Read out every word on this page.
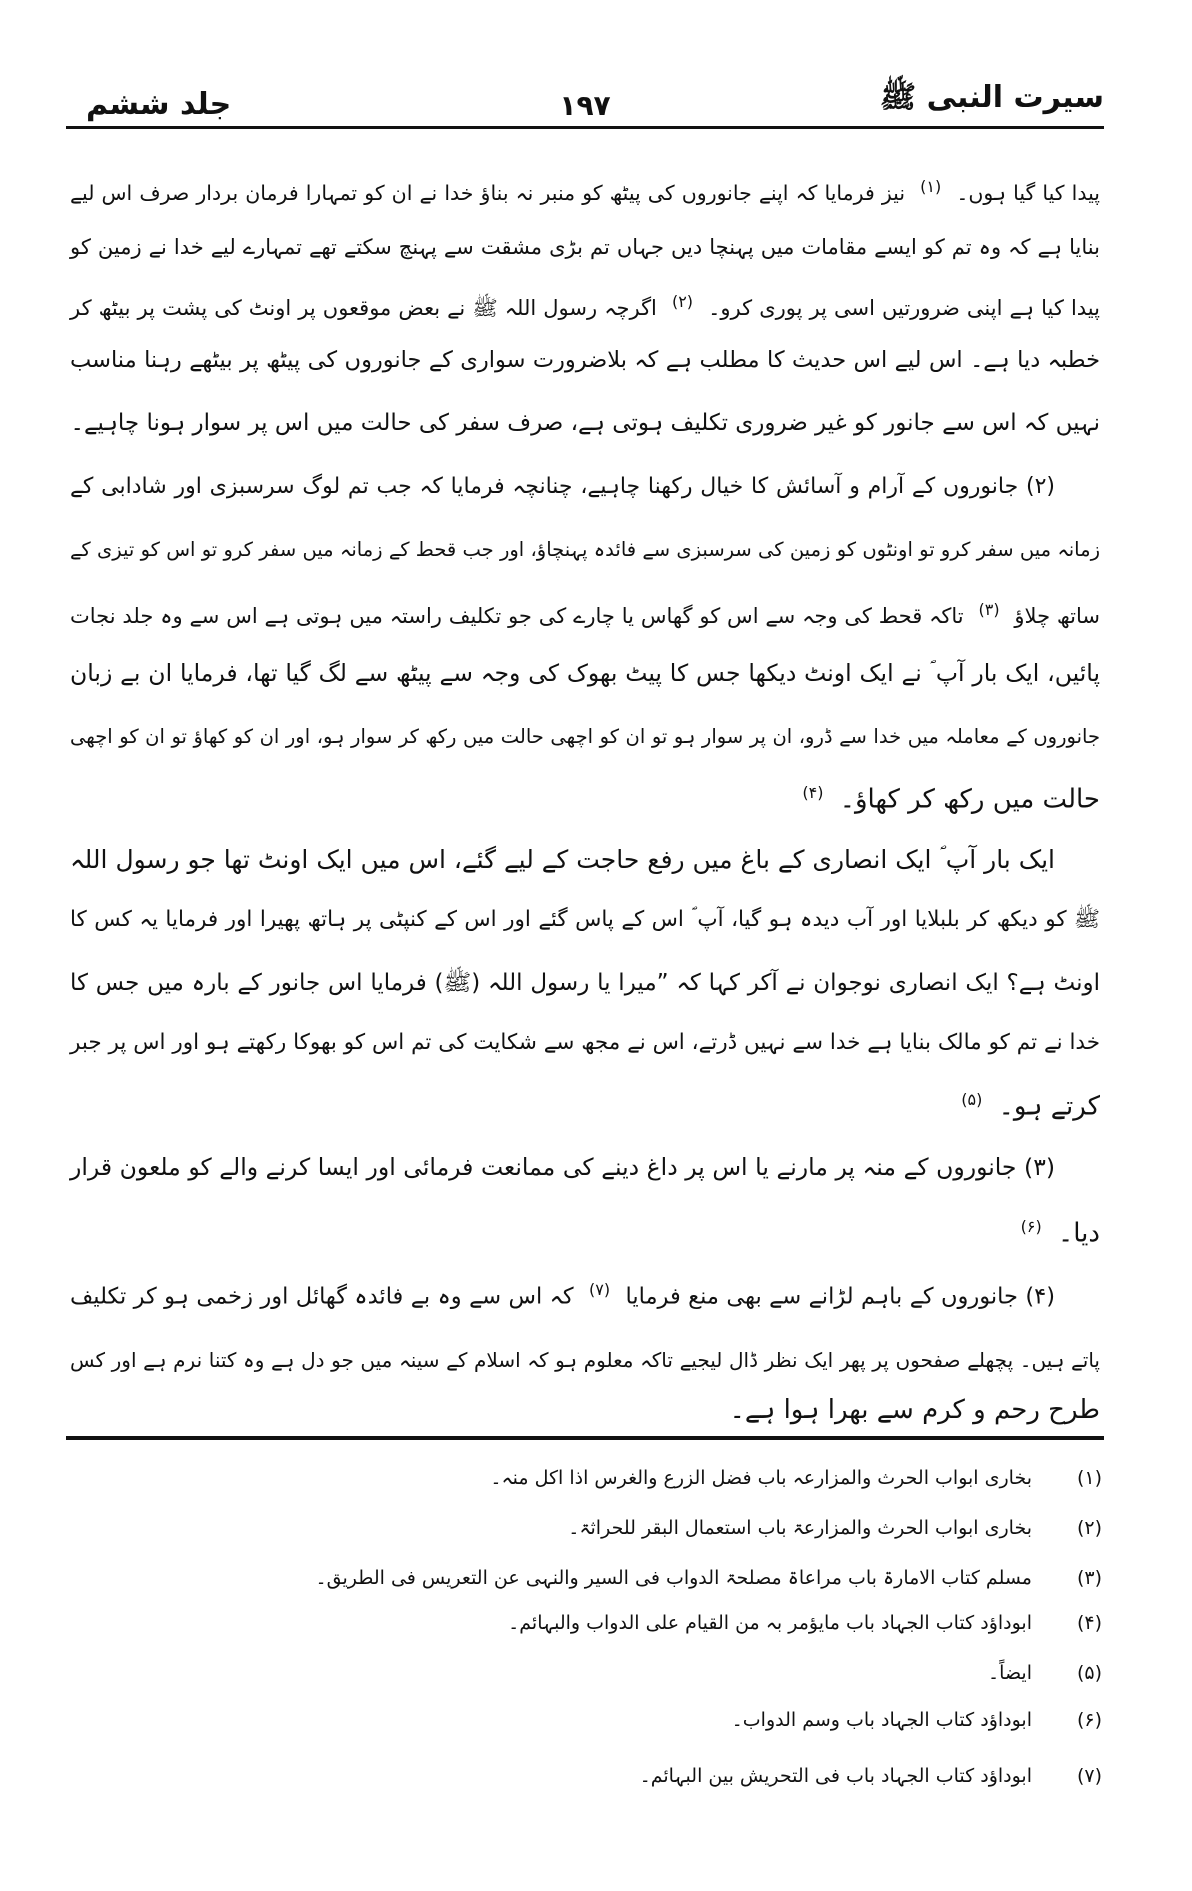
سیرت النبی ﷺ
۱۹۷
جلد ششم
پیدا کیا گیا ہوں۔ $^{(۱)}$ نیز فرمایا کہ اپنے جانوروں کی پیٹھ کو منبر نہ بناؤ خدا نے ان کو تمہارا فرمان بردار صرف اس لیے
بنایا ہے کہ وہ تم کو ایسے مقامات میں پہنچا دیں جہاں تم بڑی مشقت سے پہنچ سکتے تھے تمہارے لیے خدا نے زمین کو
پیدا کیا ہے اپنی ضرورتیں اسی پر پوری کرو۔ $^{(۲)}$ اگرچہ رسول اللہ ﷺ نے بعض موقعوں پر اونٹ کی پشت پر بیٹھ کر
خطبہ دیا ہے۔ اس لیے اس حدیث کا مطلب ہے کہ بلاضرورت سواری کے جانوروں کی پیٹھ پر بیٹھے رہنا مناسب
نہیں کہ اس سے جانور کو غیر ضروری تکلیف ہوتی ہے، صرف سفر کی حالت میں اس پر سوار ہونا چاہیے۔
(۲) جانوروں کے آرام و آسائش کا خیال رکھنا چاہیے، چنانچہ فرمایا کہ جب تم لوگ سرسبزی اور شادابی کے
زمانہ میں سفر کرو تو اونٹوں کو زمین کی سرسبزی سے فائدہ پہنچاؤ، اور جب قحط کے زمانہ میں سفر کرو تو اس کو تیزی کے
ساتھ چلاؤ $^{(۳)}$ تاکہ قحط کی وجہ سے اس کو گھاس یا چارے کی جو تکلیف راستہ میں ہوتی ہے اس سے وہ جلد نجات
پائیں، ایک بار آپ ؐ نے ایک اونٹ دیکھا جس کا پیٹ بھوک کی وجہ سے پیٹھ سے لگ گیا تھا، فرمایا ان بے زبان
جانوروں کے معاملہ میں خدا سے ڈرو، ان پر سوار ہو تو ان کو اچھی حالت میں رکھ کر سوار ہو، اور ان کو کھاؤ تو ان کو اچھی
حالت میں رکھ کر کھاؤ۔ $^{(۴)}$
ایک بار آپ ؐ ایک انصاری کے باغ میں رفع حاجت کے لیے گئے، اس میں ایک اونٹ تھا جو رسول اللہ
ﷺ کو دیکھ کر بلبلایا اور آب دیدہ ہو گیا، آپ ؐ اس کے پاس گئے اور اس کے کنپٹی پر ہاتھ پھیرا اور فرمایا یہ کس کا
اونٹ ہے؟ ایک انصاری نوجوان نے آکر کہا کہ ”میرا یا رسول اللہ (ﷺ) فرمایا اس جانور کے بارہ میں جس کا
خدا نے تم کو مالک بنایا ہے خدا سے نہیں ڈرتے، اس نے مجھ سے شکایت کی تم اس کو بھوکا رکھتے ہو اور اس پر جبر
کرتے ہو۔ $^{(۵)}$
(۳) جانوروں کے منہ پر مارنے یا اس پر داغ دینے کی ممانعت فرمائی اور ایسا کرنے والے کو ملعون قرار
دیا۔ $^{(۶)}$
(۴) جانوروں کے باہم لڑانے سے بھی منع فرمایا $^{(۷)}$ کہ اس سے وہ بے فائدہ گھائل اور زخمی ہو کر تکلیف
پاتے ہیں۔ پچھلے صفحوں پر پھر ایک نظر ڈال لیجیے تاکہ معلوم ہو کہ اسلام کے سینہ میں جو دل ہے وہ کتنا نرم ہے اور کس
طرح رحم و کرم سے بھرا ہوا ہے۔
(۱)بخاری ابواب الحرث والمزارعہ باب فضل الزرع والغرس اذا اکل منہ۔
(۲)بخاری ابواب الحرث والمزارعۃ باب استعمال البقر للحراثۃ۔
(۳)مسلم کتاب الامارۃ باب مراعاۃ مصلحۃ الدواب فی السیر والنہی عن التعریس فی الطریق۔
(۴)ابوداؤد کتاب الجہاد باب مایؤمر بہ من القیام علی الدواب والبہائم۔
(۵)ایضاً۔
(۶)ابوداؤد کتاب الجہاد باب وسم الدواب۔
(۷)ابوداؤد کتاب الجہاد باب فی التحریش بین البہائم۔
